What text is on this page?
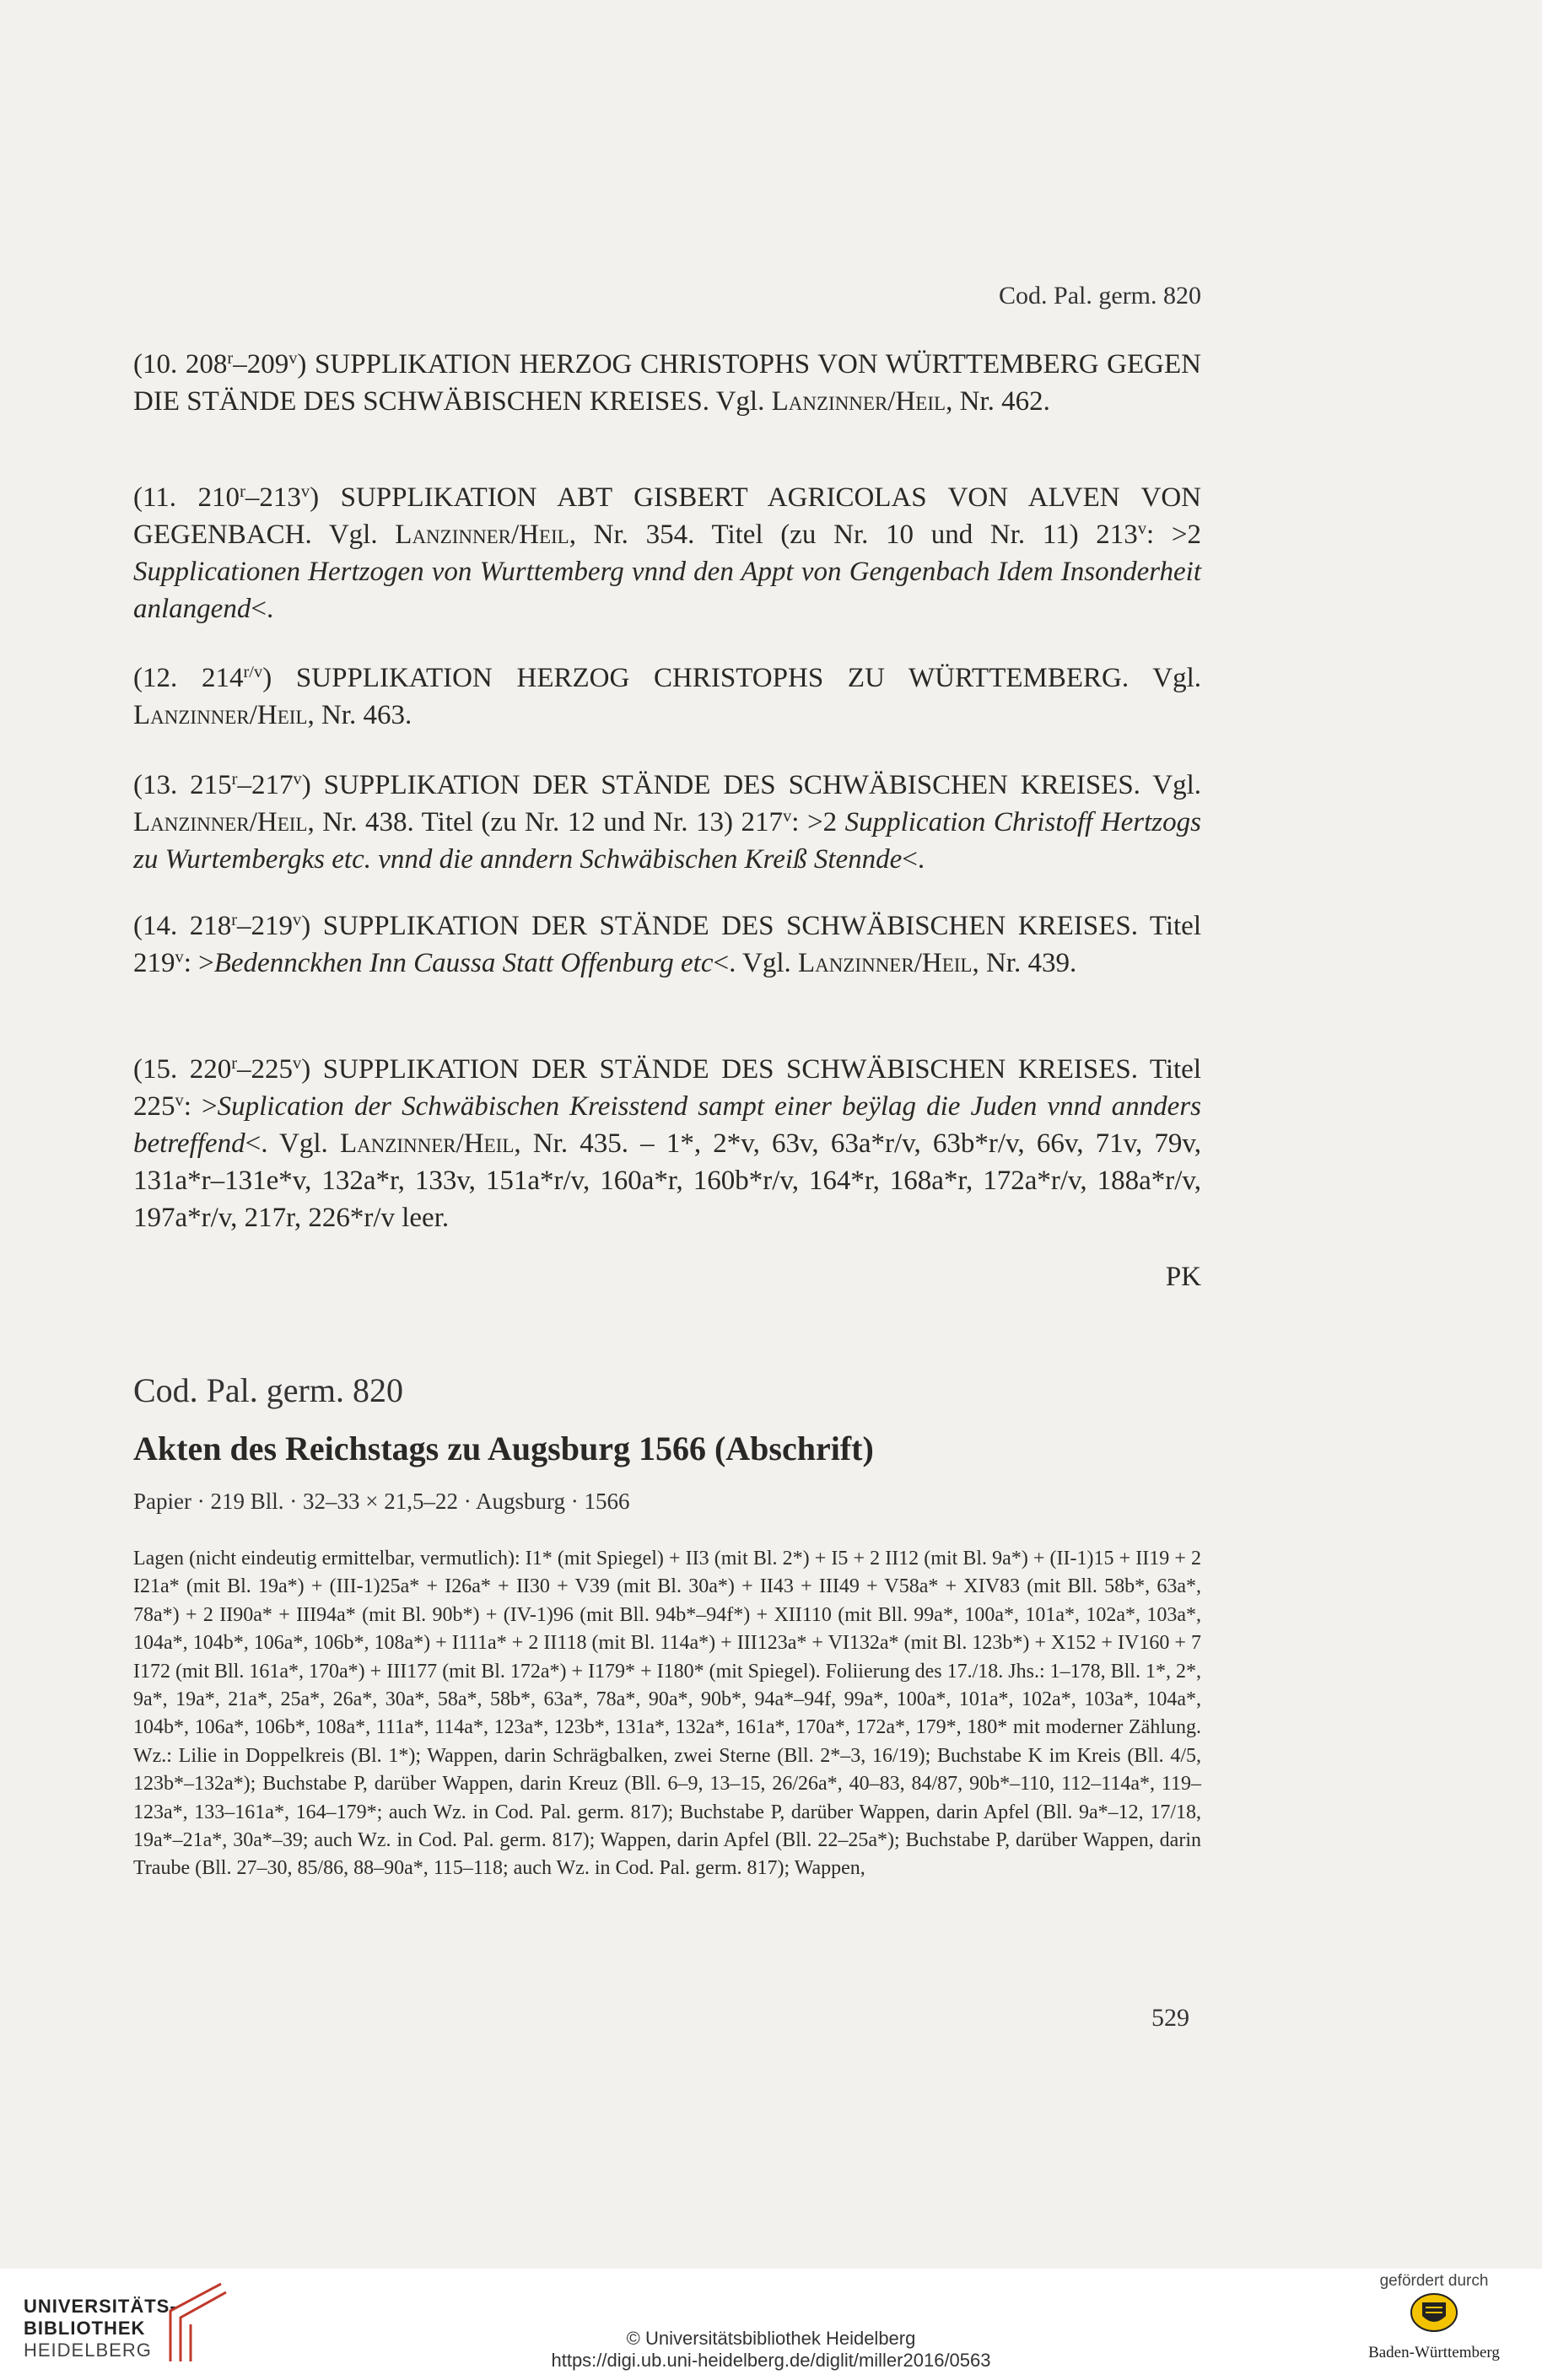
Cod. Pal. germ. 820
(10. 208$^r$–209$^v$) SUPPLIKATION HERZOG CHRISTOPHS VON WÜRTTEMBERG GEGEN DIE STÄNDE DES SCHWÄBISCHEN KREISES. Vgl. Lanzinner/Heil, Nr. 462.
(11. 210$^r$–213$^v$) SUPPLIKATION ABT GISBERT AGRICOLAS VON ALVEN VON GEGENBACH. Vgl. Lanzinner/Heil, Nr. 354. Titel (zu Nr. 10 und Nr. 11) $213^v$: >2 Supplicationen Hertzogen von Wurttemberg vnnd den Appt von Gengenbach Idem Insonderheit anlangend<.
(12. $214^{r/v}$) SUPPLIKATION HERZOG CHRISTOPHS ZU WÜRTTEMBERG. Vgl. Lanzinner/Heil, Nr. 463.
(13. 215$^r$–217$^v$) SUPPLIKATION DER STÄNDE DES SCHWÄBISCHEN KREISES. Vgl. Lanzinner/Heil, Nr. 438. Titel (zu Nr. 12 und Nr. 13) $217^v$: >2 Supplication Christoff Hertzogs zu Wurtembergks etc. vnnd die anndern Schwäbischen Kreiß Stennde<.
(14. 218$^r$–219$^v$) SUPPLIKATION DER STÄNDE DES SCHWÄBISCHEN KREISES. Titel $219^v$: >Bedennckhen Inn Caussa Statt Offenburg etc<. Vgl. Lanzinner/Heil, Nr. 439.
(15. 220$^r$–225$^v$) SUPPLIKATION DER STÄNDE DES SCHWÄBISCHEN KREISES. Titel $225^v$: >Suplication der Schwäbischen Kreisstend sampt einer beÿlag die Juden vnnd annders betreffend<. Vgl. Lanzinner/Heil, Nr. 435. – 1*, 2*v, 63v, 63a*r/v, 63b*r/v, 66v, 71v, 79v, 131a*r–131e*v, 132a*r, 133v, 151a*r/v, 160a*r, 160b*r/v, 164*r, 168a*r, 172a*r/v, 188a*r/v, 197a*r/v, 217r, 226*r/v leer.
PK
Cod. Pal. germ. 820
Akten des Reichstags zu Augsburg 1566 (Abschrift)
Papier · 219 Bll. · 32–33 × 21,5–22 · Augsburg · 1566
Lagen (nicht eindeutig ermittelbar, vermutlich): I1* (mit Spiegel) + II3 (mit Bl. 2*) + I5 + 2 II12 (mit Bl. 9a*) + (II-1)15 + II19 + 2 I21a* (mit Bl. 19a*) + (III-1)25a* + I26a* + II30 + V39 (mit Bl. 30a*) + II43 + III49 + V58a* + XIV83 (mit Bll. 58b*, 63a*, 78a*) + 2 II90a* + III94a* (mit Bl. 90b*) + (IV-1)96 (mit Bll. 94b*–94f*) + XII110 (mit Bll. 99a*, 100a*, 101a*, 102a*, 103a*, 104a*, 104b*, 106a*, 106b*, 108a*) + I111a* + 2 II118 (mit Bl. 114a*) + III123a* + VI132a* (mit Bl. 123b*) + X152 + IV160 + 7 I172 (mit Bll. 161a*, 170a*) + III177 (mit Bl. 172a*) + I179* + I180* (mit Spiegel). Foliierung des 17./18. Jhs.: 1–178, Bll. 1*, 2*, 9a*, 19a*, 21a*, 25a*, 26a*, 30a*, 58a*, 58b*, 63a*, 78a*, 90a*, 90b*, 94a*–94f, 99a*, 100a*, 101a*, 102a*, 103a*, 104a*, 104b*, 106a*, 106b*, 108a*, 111a*, 114a*, 123a*, 123b*, 131a*, 132a*, 161a*, 170a*, 172a*, 179*, 180* mit moderner Zählung. Wz.: Lilie in Doppelkreis (Bl. 1*); Wappen, darin Schrägbalken, zwei Sterne (Bll. 2*–3, 16/19); Buchstabe K im Kreis (Bll. 4/5, 123b*–132a*); Buchstabe P, darüber Wappen, darin Kreuz (Bll. 6–9, 13–15, 26/26a*, 40–83, 84/87, 90b*–110, 112–114a*, 119–123a*, 133–161a*, 164–179*; auch Wz. in Cod. Pal. germ. 817); Buchstabe P, darüber Wappen, darin Apfel (Bll. 9a*–12, 17/18, 19a*–21a*, 30a*–39; auch Wz. in Cod. Pal. germ. 817); Wappen, darin Apfel (Bll. 22–25a*); Buchstabe P, darüber Wappen, darin Traube (Bll. 27–30, 85/86, 88–90a*, 115–118; auch Wz. in Cod. Pal. germ. 817); Wappen,
529
UNIVERSITÄTS-
BIBLIOTHEK
HEIDELBERG
© Universitätsbibliothek Heidelberg
https://digi.ub.uni-heidelberg.de/diglit/miller2016/0563
gefördert durch
Baden-Württemberg
